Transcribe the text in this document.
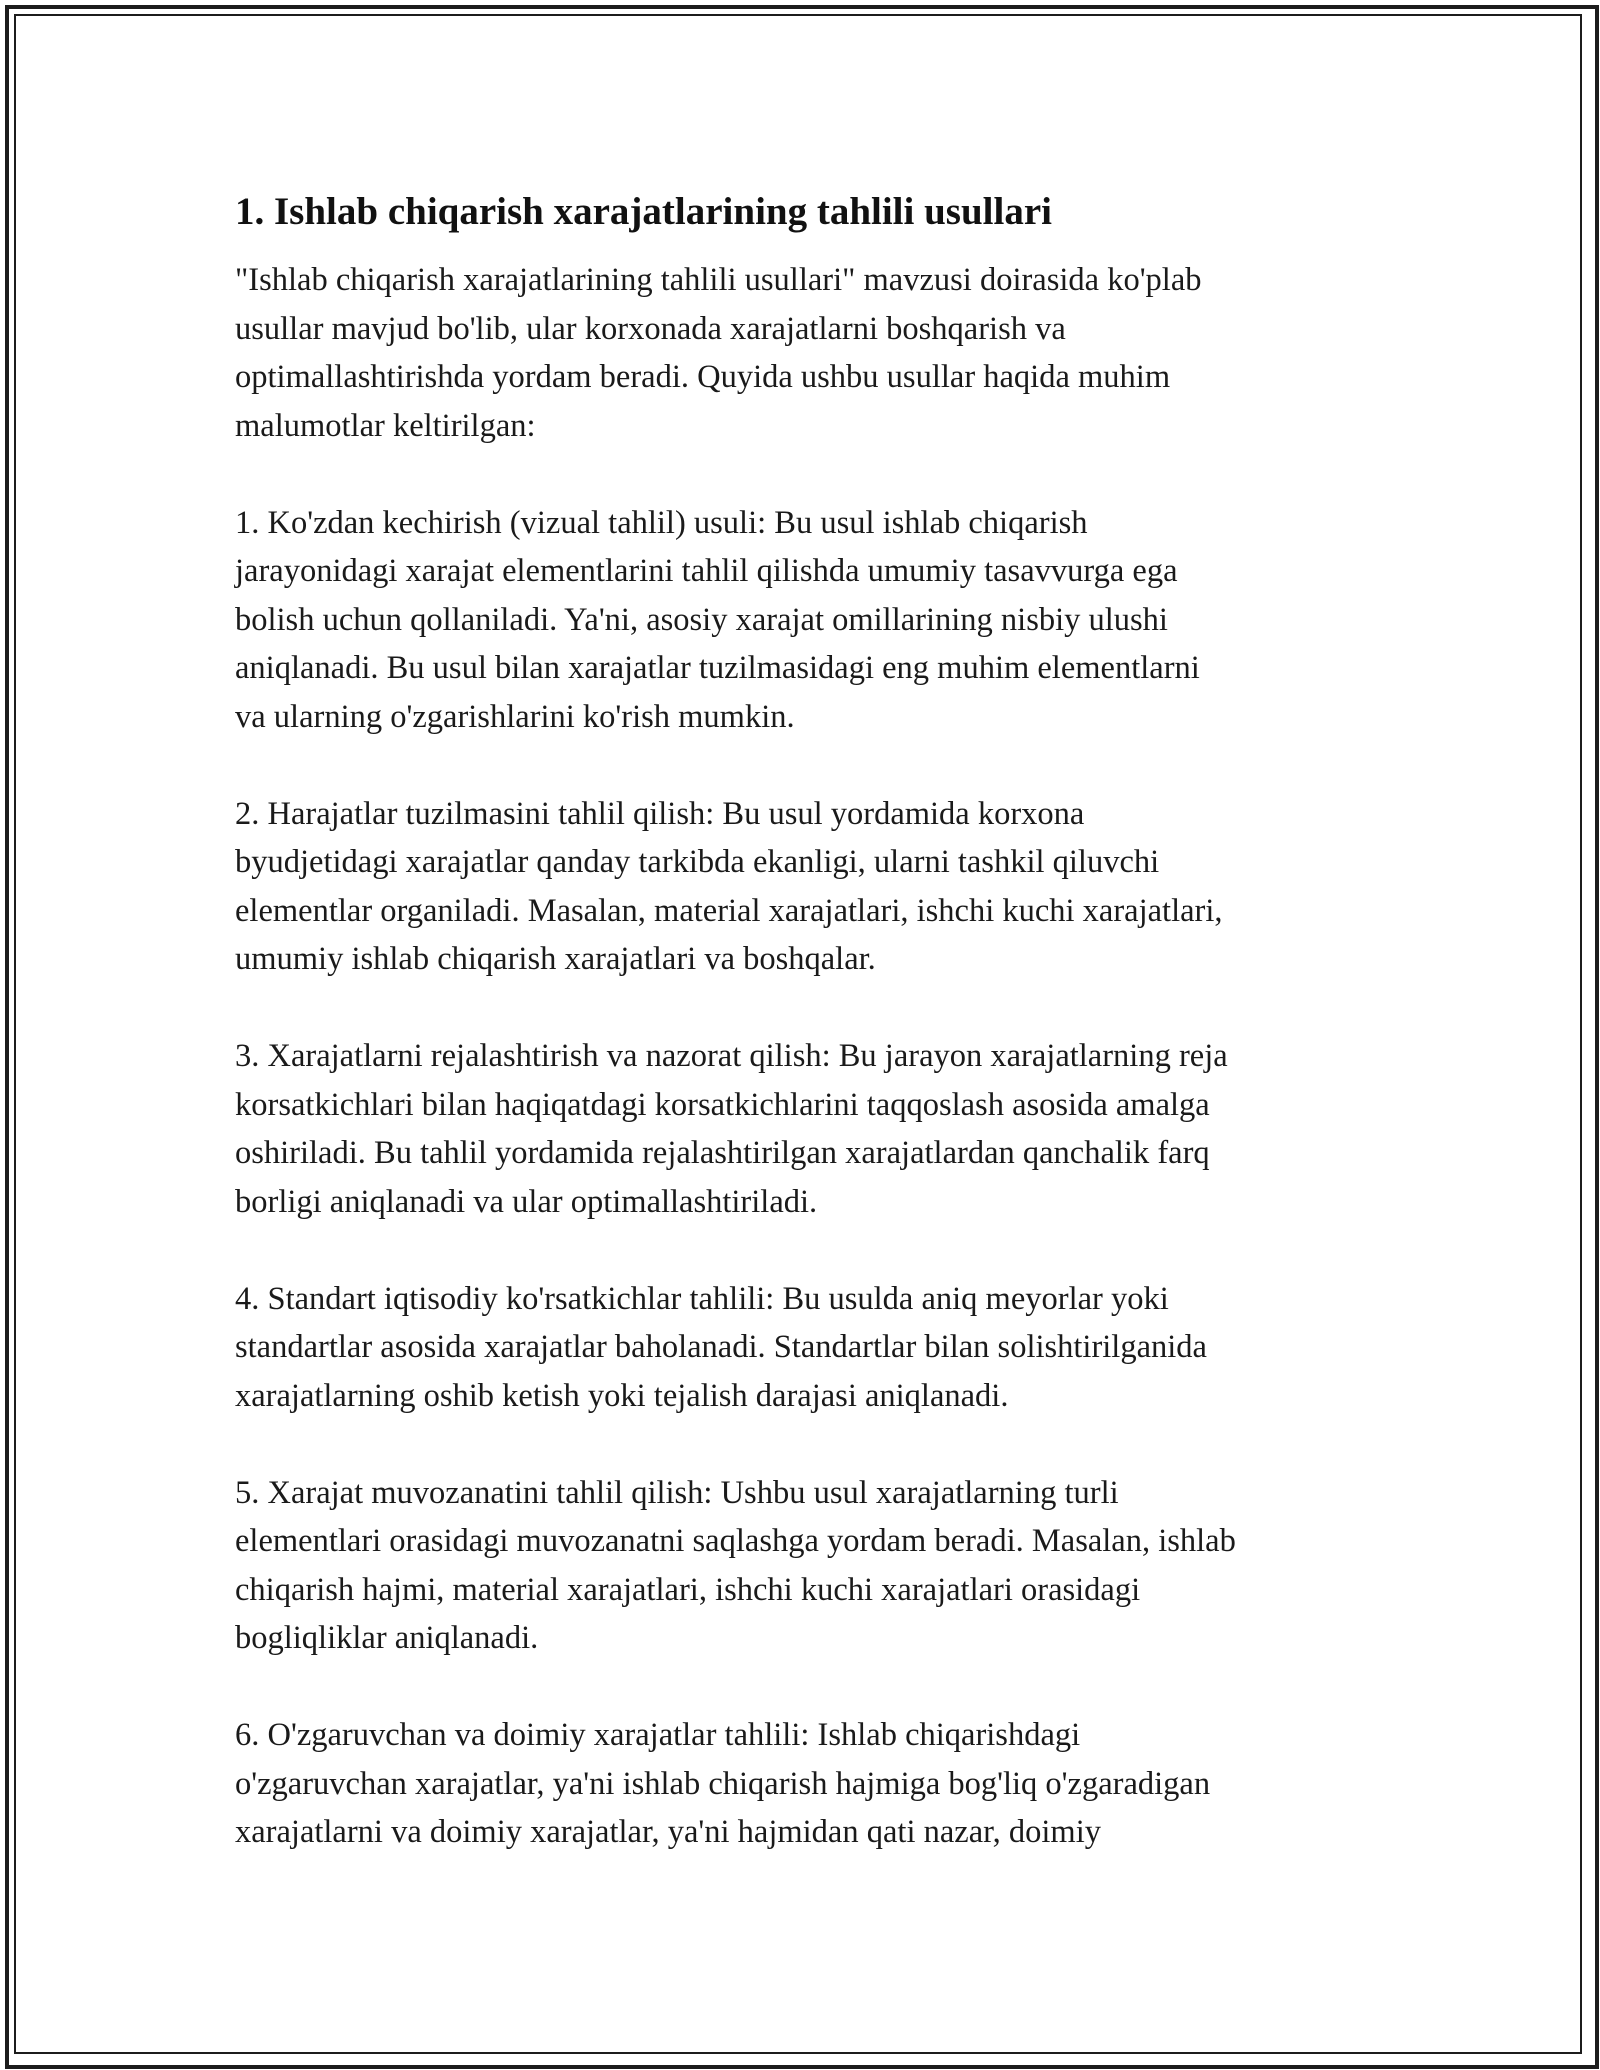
1. Ishlab chiqarish xarajatlarining tahlili usullari

"Ishlab chiqarish xarajatlarining tahlili usullari" mavzusi doirasida ko'plab
usullar mavjud bo'lib, ular korxonada xarajatlarni boshqarish va
optimallashtirishda yordam beradi. Quyida ushbu usullar haqida muhim
malumotlar keltirilgan:

1. Ko'zdan kechirish (vizual tahlil) usuli: Bu usul ishlab chiqarish
jarayonidagi xarajat elementlarini tahlil qilishda umumiy tasavvurga ega
bolish uchun qollaniladi. Ya'ni, asosiy xarajat omillarining nisbiy ulushi
aniqlanadi. Bu usul bilan xarajatlar tuzilmasidagi eng muhim elementlarni
va ularning o'zgarishlarini ko'rish mumkin.

2. Harajatlar tuzilmasini tahlil qilish: Bu usul yordamida korxona
byudjetidagi xarajatlar qanday tarkibda ekanligi, ularni tashkil qiluvchi
elementlar organiladi. Masalan, material xarajatlari, ishchi kuchi xarajatlari,
umumiy ishlab chiqarish xarajatlari va boshqalar.

3. Xarajatlarni rejalashtirish va nazorat qilish: Bu jarayon xarajatlarning reja
korsatkichlari bilan haqiqatdagi korsatkichlarini taqqoslash asosida amalga
oshiriladi. Bu tahlil yordamida rejalashtirilgan xarajatlardan qanchalik farq
borligi aniqlanadi va ular optimallashtiriladi.

4. Standart iqtisodiy ko'rsatkichlar tahlili: Bu usulda aniq meyorlar yoki
standartlar asosida xarajatlar baholanadi. Standartlar bilan solishtirilganida
xarajatlarning oshib ketish yoki tejalish darajasi aniqlanadi.

5. Xarajat muvozanatini tahlil qilish: Ushbu usul xarajatlarning turli
elementlari orasidagi muvozanatni saqlashga yordam beradi. Masalan, ishlab
chiqarish hajmi, material xarajatlari, ishchi kuchi xarajatlari orasidagi
bogliqliklar aniqlanadi.

6. O'zgaruvchan va doimiy xarajatlar tahlili: Ishlab chiqarishdagi
o'zgaruvchan xarajatlar, ya'ni ishlab chiqarish hajmiga bog'liq o'zgaradigan
xarajatlarni va doimiy xarajatlar, ya'ni hajmidan qati nazar, doimiy
